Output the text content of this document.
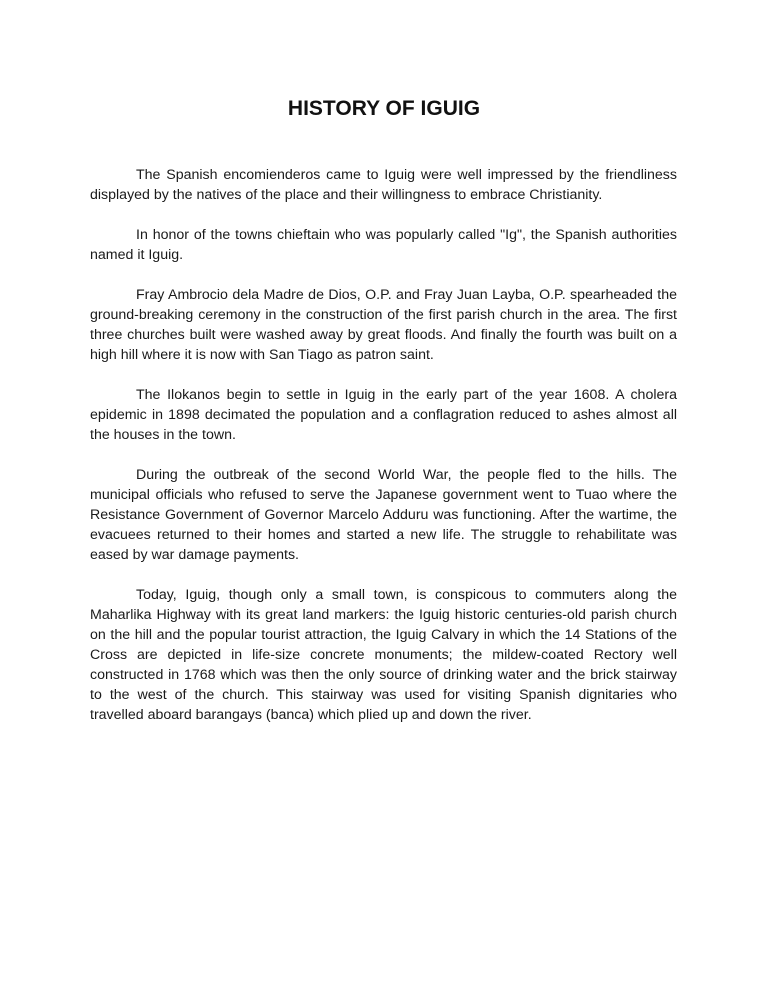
HISTORY OF IGUIG

The Spanish encomienderos came to Iguig were well impressed by the friendliness displayed by the natives of the place and their willingness to embrace Christianity.

In honor of the towns chieftain who was popularly called "Ig", the Spanish authorities named it Iguig.

Fray Ambrocio dela Madre de Dios, O.P. and Fray Juan Layba, O.P. spearheaded the ground-breaking ceremony in the construction of the first parish church in the area. The first three churches built were washed away by great floods. And finally the fourth was built on a high hill where it is now with San Tiago as patron saint.

The Ilokanos begin to settle in Iguig in the early part of the year 1608. A cholera epidemic in 1898 decimated the population and a conflagration reduced to ashes almost all the houses in the town.

During the outbreak of the second World War, the people fled to the hills. The municipal officials who refused to serve the Japanese government went to Tuao where the Resistance Government of Governor Marcelo Adduru was functioning. After the wartime, the evacuees returned to their homes and started a new life. The struggle to rehabilitate was eased by war damage payments.

Today, Iguig, though only a small town, is conspicous to commuters along the Maharlika Highway with its great land markers: the Iguig historic centuries-old parish church on the hill and the popular tourist attraction, the Iguig Calvary in which the 14 Stations of the Cross are depicted in life-size concrete monuments; the mildew-coated Rectory well constructed in 1768 which was then the only source of drinking water and the brick stairway to the west of the church. This stairway was used for visiting Spanish dignitaries who travelled aboard barangays (banca) which plied up and down the river.
